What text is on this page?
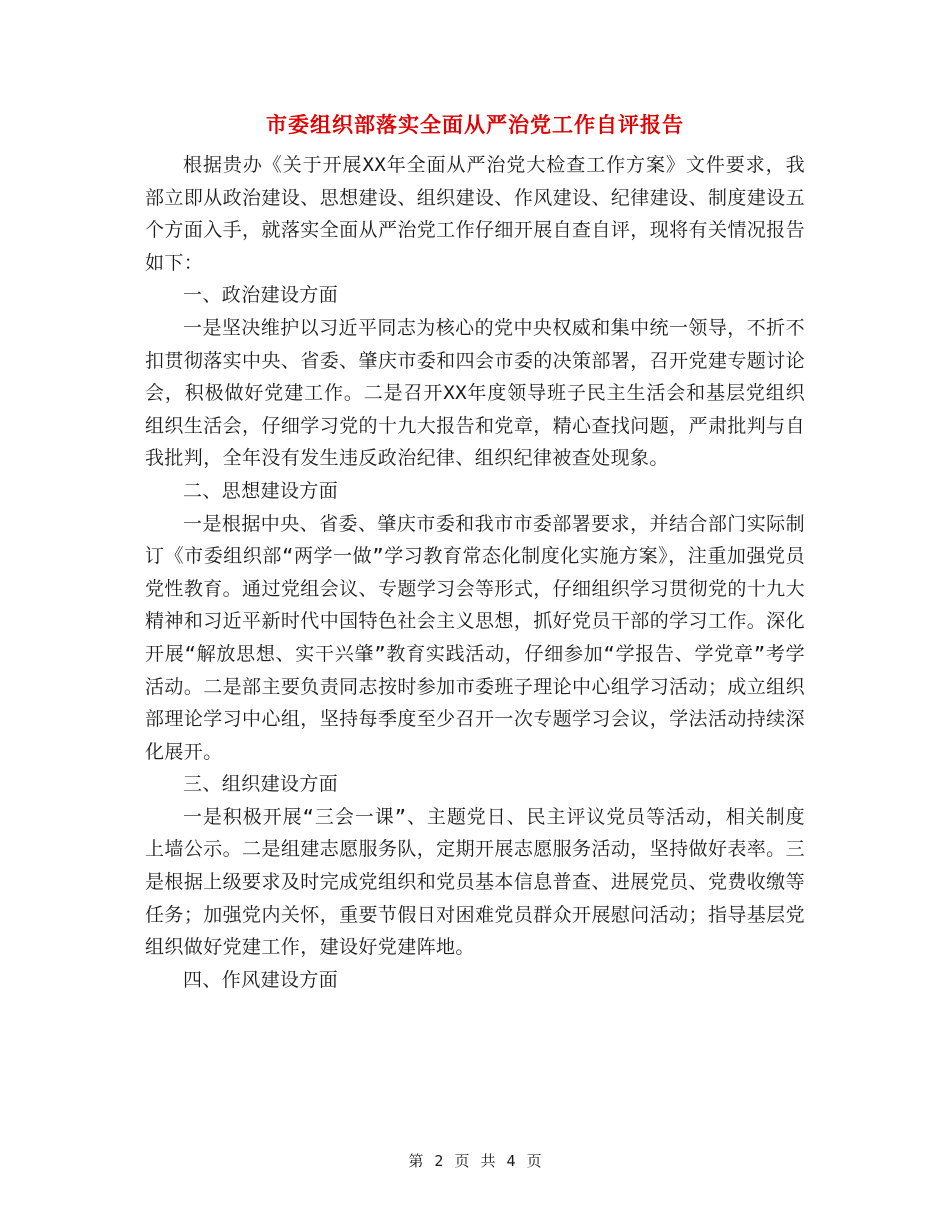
市委组织部落实全面从严治党工作自评报告

根据贵办《关于开展XX年全面从严治党大检查工作方案》文件要求，我部立即从政治建设、思想建设、组织建设、作风建设、纪律建设、制度建设五个方面入手，就落实全面从严治党工作仔细开展自查自评，现将有关情况报告如下：

一、政治建设方面

一是坚决维护以习近平同志为核心的党中央权威和集中统一领导，不折不扣贯彻落实中央、省委、肇庆市委和四会市委的决策部署，召开党建专题讨论会，积极做好党建工作。二是召开XX年度领导班子民主生活会和基层党组织组织生活会，仔细学习党的十九大报告和党章，精心查找问题，严肃批判与自我批判，全年没有发生违反政治纪律、组织纪律被查处现象。

二、思想建设方面

一是根据中央、省委、肇庆市委和我市市委部署要求，并结合部门实际制订《市委组织部“两学一做”学习教育常态化制度化实施方案》，注重加强党员党性教育。通过党组会议、专题学习会等形式，仔细组织学习贯彻党的十九大精神和习近平新时代中国特色社会主义思想，抓好党员干部的学习工作。深化开展“解放思想、实干兴肇”教育实践活动，仔细参加“学报告、学党章”考学活动。二是部主要负责同志按时参加市委班子理论中心组学习活动；成立组织部理论学习中心组，坚持每季度至少召开一次专题学习会议，学法活动持续深化展开。

三、组织建设方面

一是积极开展“三会一课”、主题党日、民主评议党员等活动，相关制度上墙公示。二是组建志愿服务队，定期开展志愿服务活动，坚持做好表率。三是根据上级要求及时完成党组织和党员基本信息普查、进展党员、党费收缴等任务；加强党内关怀，重要节假日对困难党员群众开展慰问活动；指导基层党组织做好党建工作，建设好党建阵地。

四、作风建设方面

第 2 页 共 4 页
